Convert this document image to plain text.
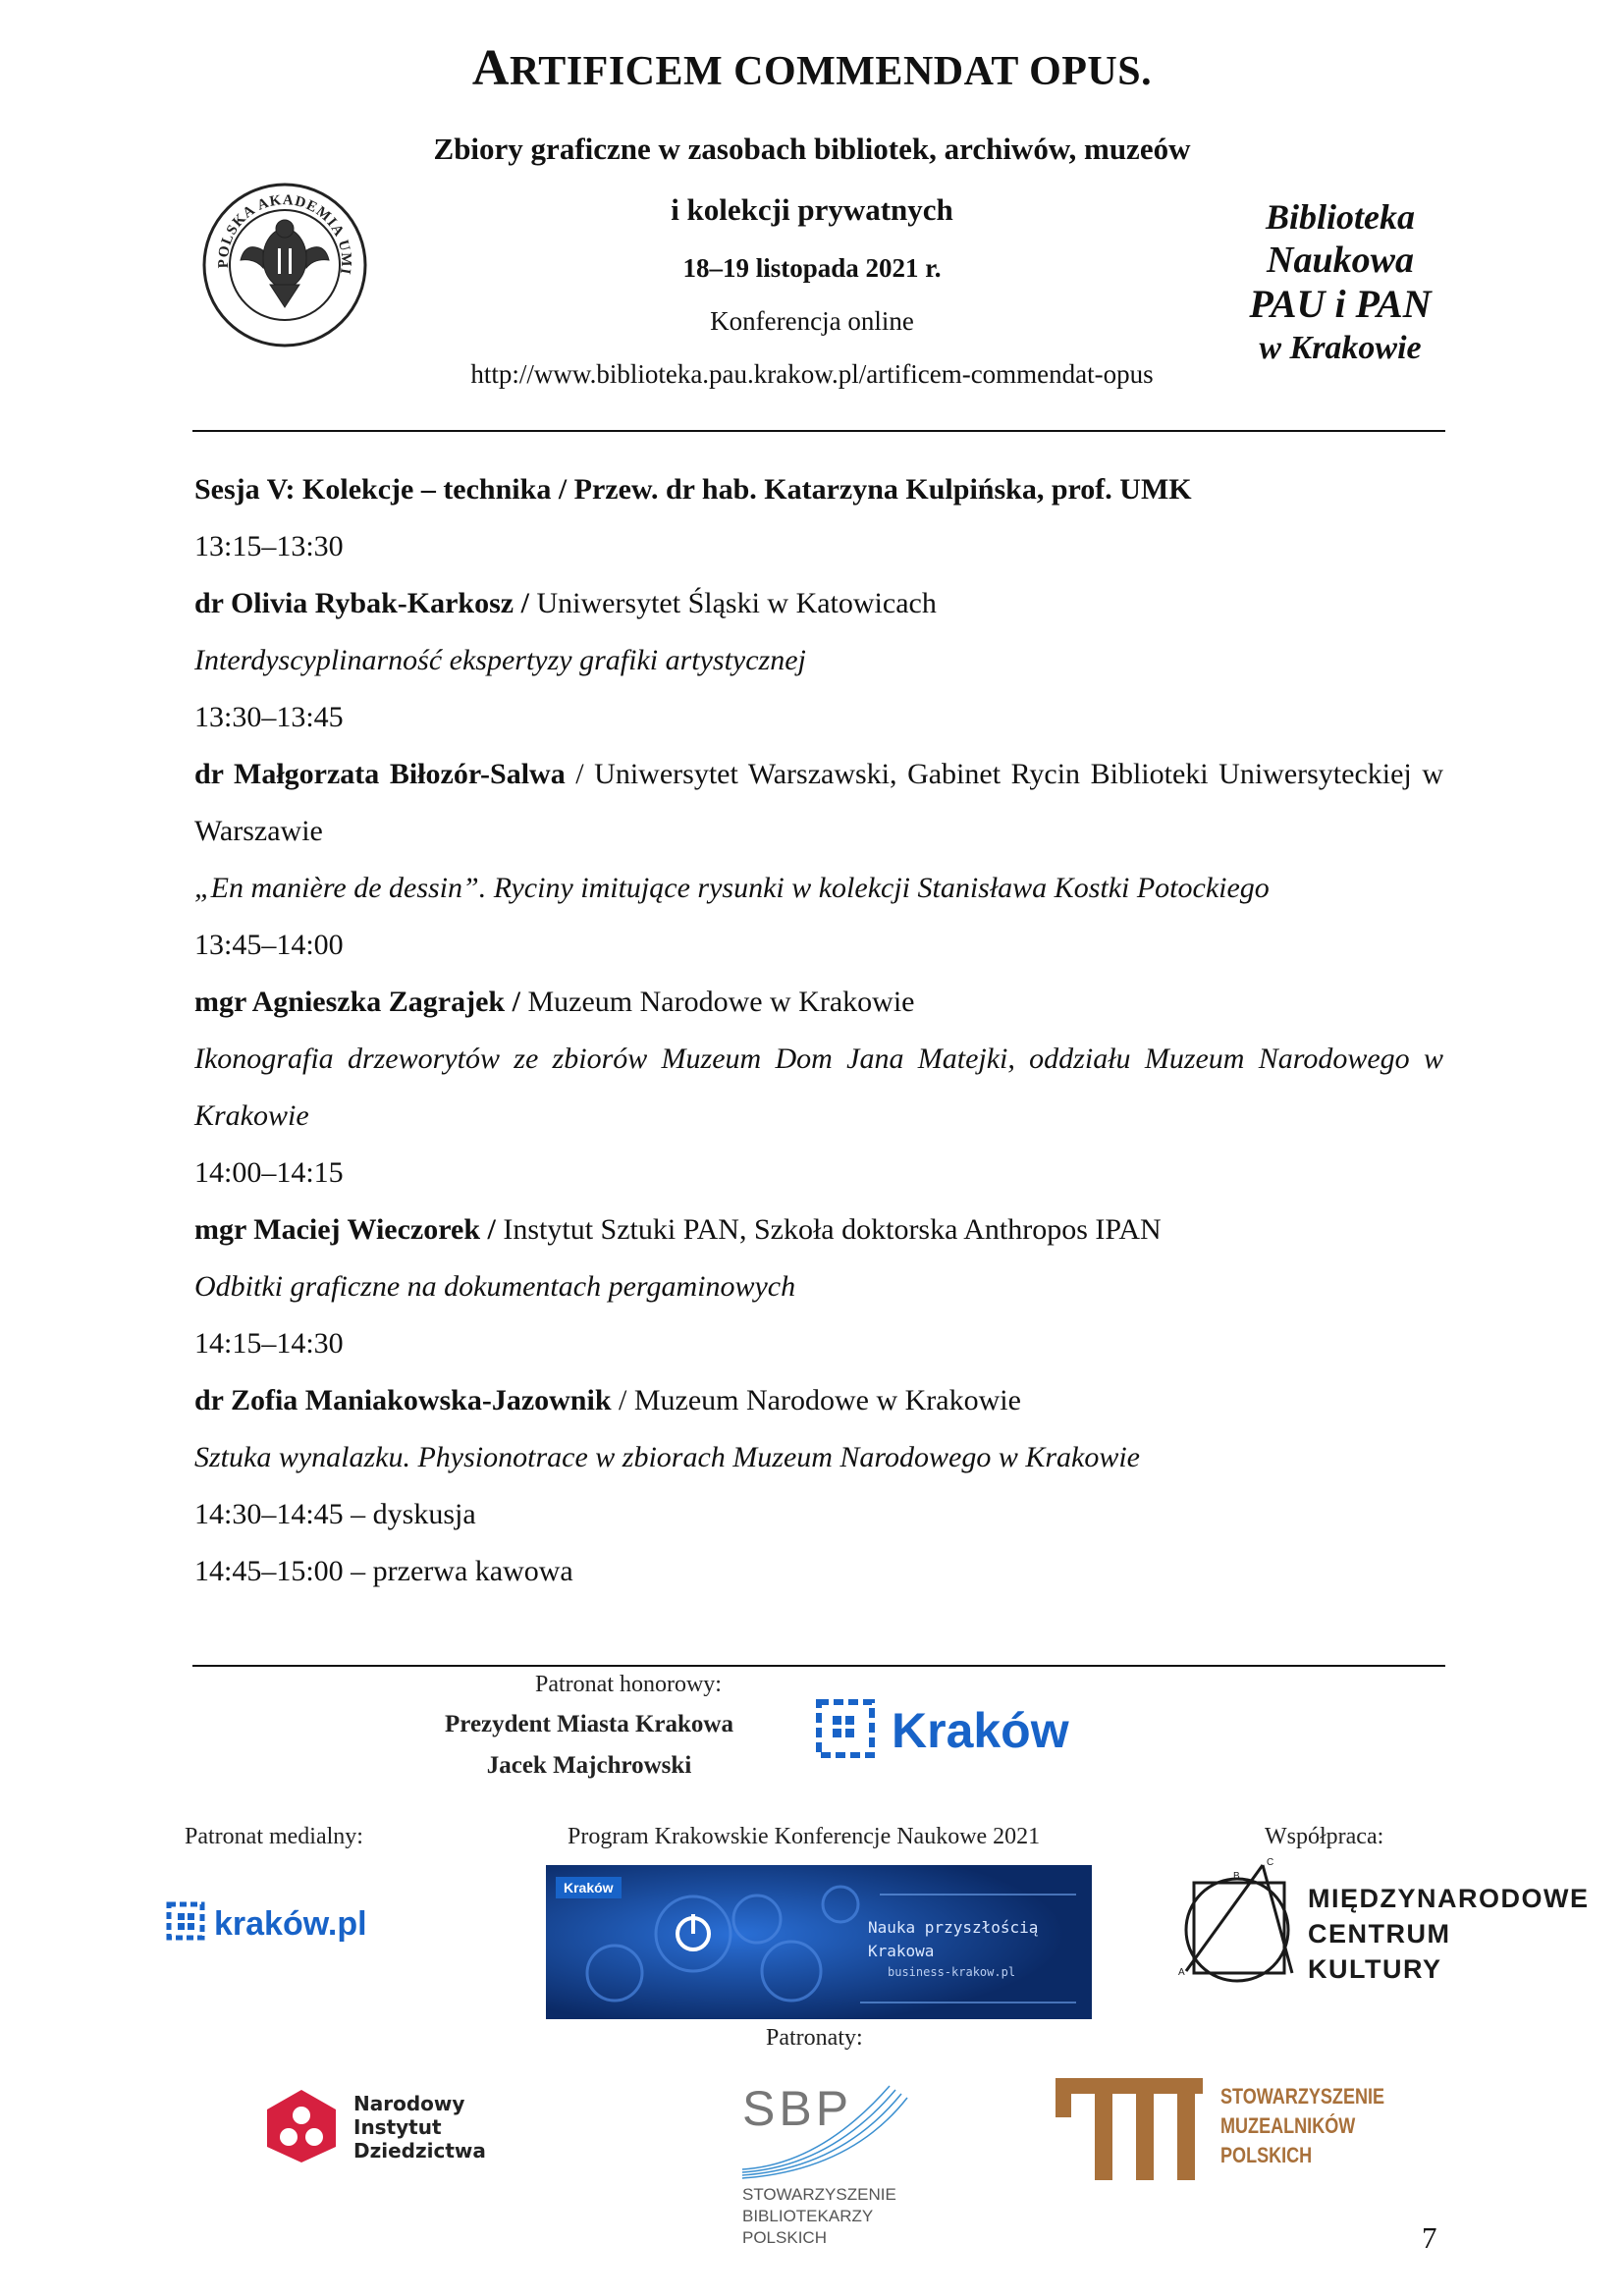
ARTIFICEM COMMENDAT OPUS.
Zbiory graficzne w zasobach bibliotek, archiwów, muzeów
i kolekcji prywatnych
18–19 listopada 2021 r.
Konferencja online
http://www.biblioteka.pau.krakow.pl/artificem-commendat-opus
POLSKA AKADEMIA UMI
Biblioteka
Naukowa
PAU i PAN
w Krakowie
Sesja V: Kolekcje – technika / Przew. dr hab. Katarzyna Kulpińska, prof. UMK
13:15–13:30
dr Olivia Rybak-Karkosz / Uniwersytet Śląski w Katowicach
Interdyscyplinarność ekspertyzy grafiki artystycznej
13:30–13:45
dr Małgorzata Biłozór-Salwa / Uniwersytet Warszawski, Gabinet Rycin Biblioteki Uniwersyteckiej w Warszawie
„En manière de dessin”. Ryciny imitujące rysunki w kolekcji Stanisława Kostki Potockiego
13:45–14:00
mgr Agnieszka Zagrajek / Muzeum Narodowe w Krakowie
Ikonografia drzeworytów ze zbiorów Muzeum Dom Jana Matejki, oddziału Muzeum Narodowego w Krakowie
14:00–14:15
mgr Maciej Wieczorek / Instytut Sztuki PAN, Szkoła doktorska Anthropos IPAN
Odbitki graficzne na dokumentach pergaminowych
14:15–14:30
dr Zofia Maniakowska-Jazownik / Muzeum Narodowe w Krakowie
Sztuka wynalazku. Physionotrace w zbiorach Muzeum Narodowego w Krakowie
14:30–14:45 – dyskusja
14:45–15:00 – przerwa kawowa
Patronat honorowy:
Prezydent Miasta Krakowa
Jacek Majchrowski
Kraków
Patronat medialny:	Program Krakowskie Konferencje Naukowe 2021	Współpraca:
kraków.pl
Kraków
Nauka przyszłością
Krakowa
business-krakow.pl	A
B
C
MIĘDZYNARODOWE
CENTRUM
KULTURY
Patronaty:
Narodowy
Instytut
Dziedzictwa
SBP
STOWARZYSZENIE
BIBLIOTEKARZY
POLSKICH
STOWARZYSZENIE
MUZEALNIKÓW
POLSKICH
7
